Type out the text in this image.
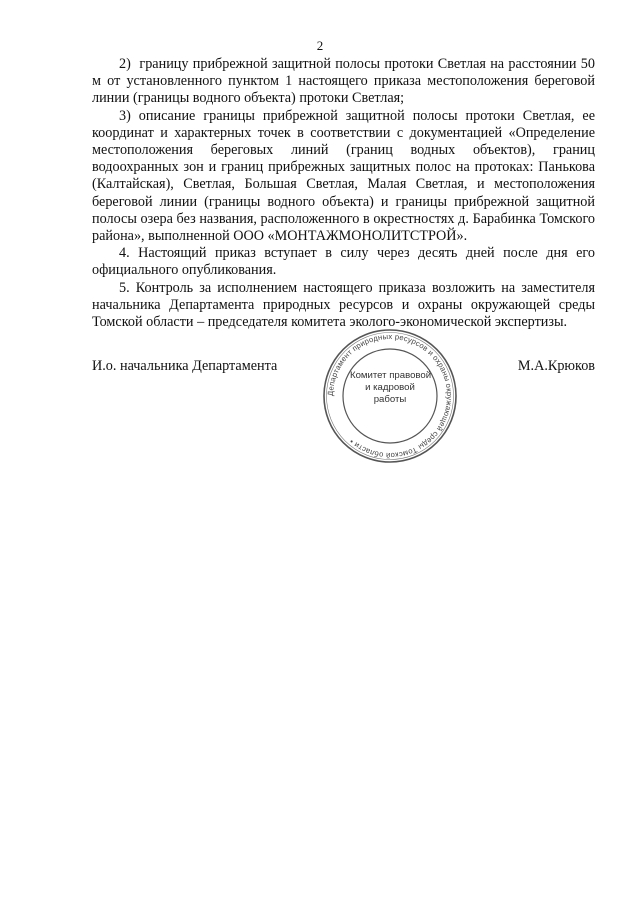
2

2)  границу прибрежной защитной полосы протоки Светлая на расстоянии 50 м от установленного пунктом 1 настоящего приказа местоположения береговой линии (границы водного объекта) протоки Светлая;

3) описание границы прибрежной защитной полосы протоки Светлая, ее координат и характерных точек в соответствии с документацией «Определение местоположения береговых линий (границ водных объектов), границ водоохранных зон и границ прибрежных защитных полос на протоках: Панькова (Калтайская), Светлая, Большая Светлая, Малая Светлая, и местоположения береговой линии (границы водного объекта) и границы прибрежной защитной полосы озера без названия, расположенного в окрестностях д. Барабинка Томского района», выполненной ООО «МОНТАЖМОНОЛИТСТРОЙ».

4. Настоящий приказ вступает в силу через десять дней после дня его официального опубликования.

5. Контроль за исполнением настоящего приказа возложить на заместителя начальника Департамента природных ресурсов и охраны окружающей среды Томской области – председателя комитета эколого-экономической экспертизы.

И.о. начальника Департамента	М.А.Крюков
Департамент природных ресурсов и охраны окружающей среды Томской области •
Комитет правовой
и кадровой
работы
